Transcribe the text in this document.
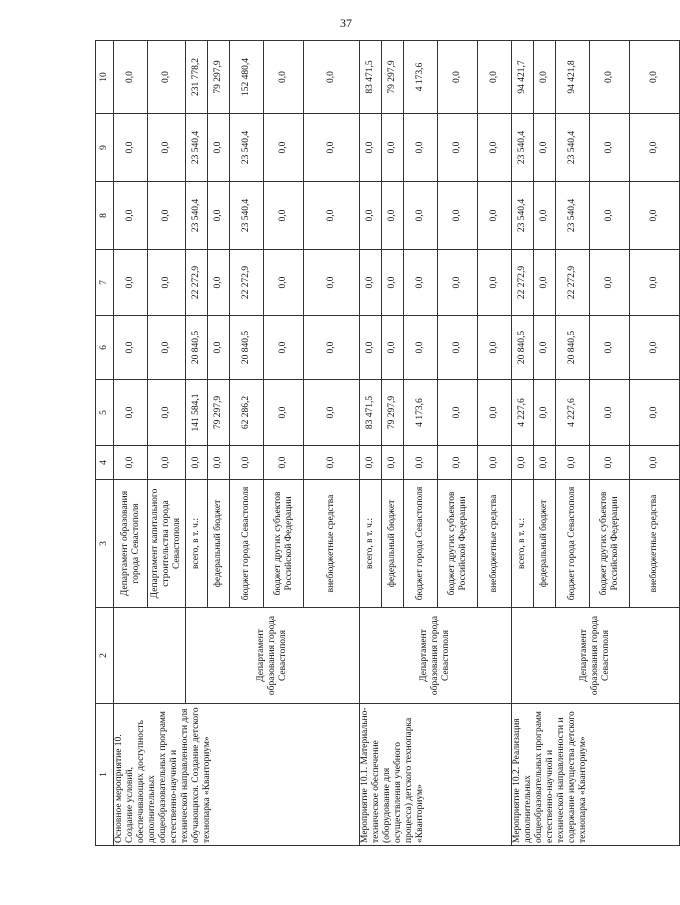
37
1	2	3	4	5	6	7	8	9	10
Основное мероприятие 10. Создание условий, обеспечивающих доступность дополнительных общеобразовательных программ естественно-научной и технической направленности для обучающихся. Создание детского технопарка «Кванториум»		Департамент образования города Севастополя	0,0	0,0	0,0	0,0	0,0	0,0	0,0
		Департамент капитального строительства города Севастополя	0,0	0,0	0,0	0,0	0,0	0,0	0,0
	Департамент образования города Севастополя	всего, в т. ч.:	0,0	141 584,1	20 840,5	22 272,9	23 540,4	23 540,4	231 778,2
		федеральный бюджет	0,0	79 297,9	0,0	0,0	0,0	0,0	79 297,9
		бюджет города Севастополя	0,0	62 286,2	20 840,5	22 272,9	23 540,4	23 540,4	152 480,4
		бюджет других субъектов Российской Федерации	0,0	0,0	0,0	0,0	0,0	0,0	0,0
		внебюджетные средства	0,0	0,0	0,0	0,0	0,0	0,0	0,0
Мероприятие 10.1. Материально-техническое обеспечение (оборудование для осуществления учебного процесса) детского технопарка «Кванториум»	Департамент образования города Севастополя	всего, в т. ч.:	0,0	83 471,5	0,0	0,0	0,0	0,0	83 471,5
		федеральный бюджет	0,0	79 297,9	0,0	0,0	0,0	0,0	79 297,9
		бюджет города Севастополя	0,0	4 173,6	0,0	0,0	0,0	0,0	4 173,6
		бюджет других субъектов Российской Федерации	0,0	0,0	0,0	0,0	0,0	0,0	0,0
		внебюджетные средства	0,0	0,0	0,0	0,0	0,0	0,0	0,0
Мероприятие 10.2. Реализация дополнительных общеобразовательных программ естественно-научной и технической направленности и содержание имущества детского технопарка «Кванториум»	Департамент образования города Севастополя	всего, в т. ч.:	0,0	4 227,6	20 840,5	22 272,9	23 540,4	23 540,4	94 421,7
		федеральный бюджет	0,0	0,0	0,0	0,0	0,0	0,0	0,0
		бюджет города Севастополя	0,0	4 227,6	20 840,5	22 272,9	23 540,4	23 540,4	94 421,8
		бюджет других субъектов Российской Федерации	0,0	0,0	0,0	0,0	0,0	0,0	0,0
		внебюджетные средства	0,0	0,0	0,0	0,0	0,0	0,0	0,0
